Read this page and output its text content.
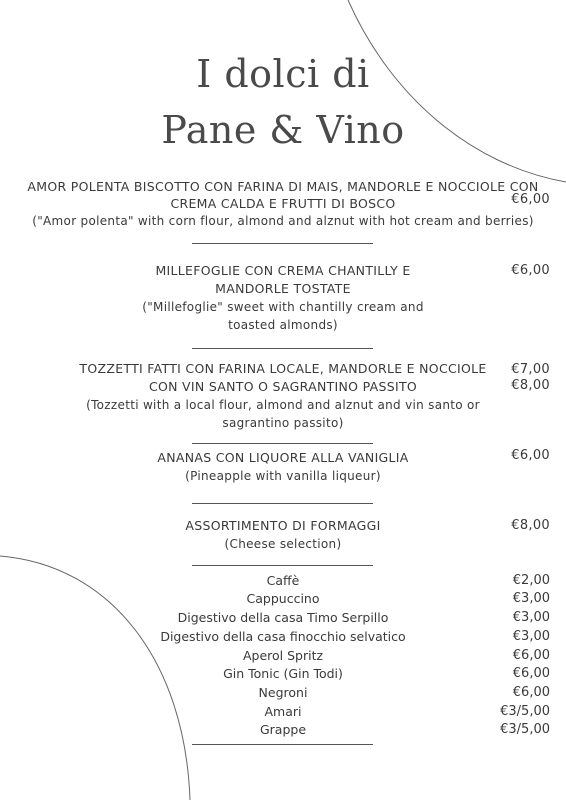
I dolci di
Pane & Vino
AMOR POLENTA BISCOTTO CON FARINA DI MAIS, MANDORLE E NOCCIOLE CON
CREMA CALDA E FRUTTI DI BOSCO
("Amor polenta" with corn flour, almond and alznut with hot cream and berries)
€6,00
MILLEFOGLIE CON CREMA CHANTILLY E
MANDORLE TOSTATE
("Millefoglie" sweet with chantilly cream and
toasted almonds)
€6,00
TOZZETTI FATTI CON FARINA LOCALE, MANDORLE E NOCCIOLE
CON VIN SANTO O SAGRANTINO PASSITO
(Tozzetti with a local flour, almond and alznut and vin santo or
sagrantino passito)
€7,00
€8,00
ANANAS CON LIQUORE ALLA VANIGLIA
(Pineapple with vanilla liqueur)
€6,00
ASSORTIMENTO DI FORMAGGI
(Cheese selection)
€8,00
Caffè	€2,00
Cappuccino	€3,00
Digestivo della casa Timo Serpillo	€3,00
Digestivo della casa finocchio selvatico	€3,00
Aperol Spritz	€6,00
Gin Tonic (Gin Todi)	€6,00
Negroni	€6,00
Amari	€3/5,00
Grappe	€3/5,00
